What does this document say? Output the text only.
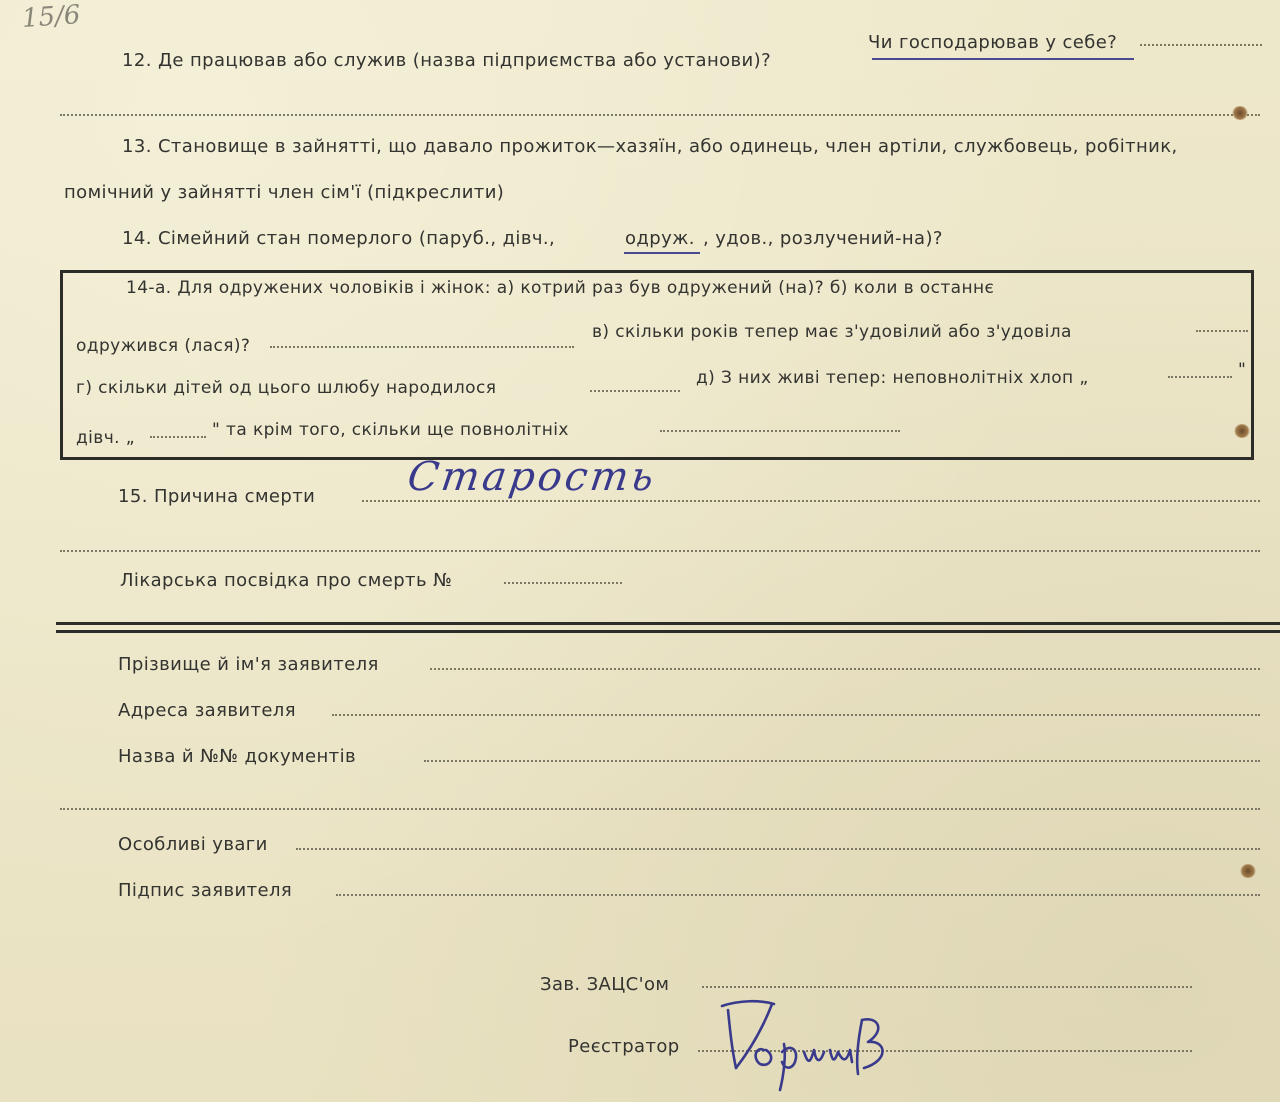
15/6
12. Де працював або служив (назва підприємства або установи)?
Чи господарював у себе?
13. Становище в зайнятті, що давало прожиток—хазяїн, або одинець, член артіли, службовець, робітник,
помічний у зайнятті член сім'ї (підкреслити)
14. Сімейний стан померлого (паруб., дівч.,	одруж. , удов., розлучений-на)?
14-а. Для одружених чоловіків і жінок: а) котрий раз був одружений (на)? б) коли в останнє
одружився (лася)?
в) скільки років тепер має з'удовілий або з'удовіла
г) скільки дітей од цього шлюбу народилося	д) З них живі тепер: неповнолітніх хлоп „	"
дівч. „	" та крім того, скільки ще повнолітніх
15. Причина смерти Старость
Лікарська посвідка про смерть №
Прізвище й ім'я заявителя
Адреса заявителя
Назва й №№ документів
Особливі уваги
Підпис заявителя
Зав. ЗАЦС'ом
Реєстратор
